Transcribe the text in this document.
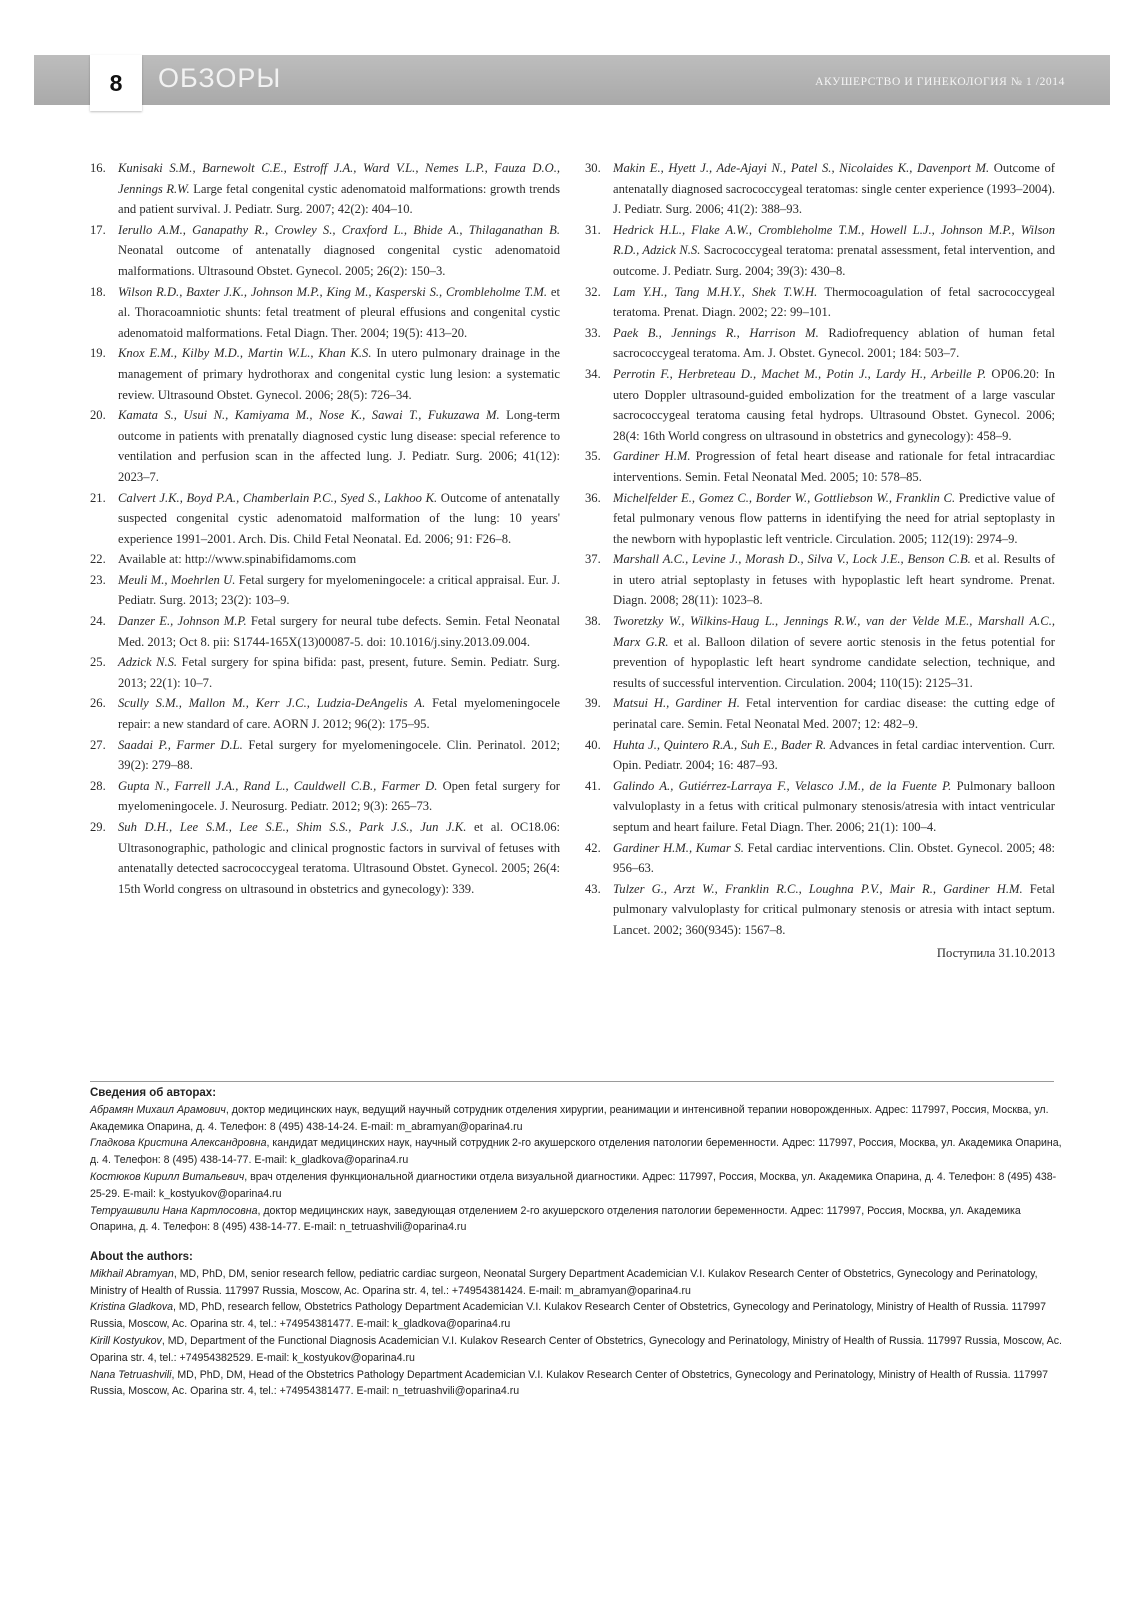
8	ОБЗОРЫ	АКУШЕРСТВО И ГИНЕКОЛОГИЯ № 1 /2014
16. Kunisaki S.M., Barnewolt C.E., Estroff J.A., Ward V.L., Nemes L.P., Fauza D.O., Jennings R.W. Large fetal congenital cystic adenomatoid malformations: growth trends and patient survival. J. Pediatr. Surg. 2007; 42(2): 404–10.
17. Ierullo A.M., Ganapathy R., Crowley S., Craxford L., Bhide A., Thilaganathan B. Neonatal outcome of antenatally diagnosed congenital cystic adenomatoid malformations. Ultrasound Obstet. Gynecol. 2005; 26(2): 150–3.
18. Wilson R.D., Baxter J.K., Johnson M.P., King M., Kasperski S., Crombleholme T.M. et al. Thoracoamniotic shunts: fetal treatment of pleural effusions and congenital cystic adenomatoid malformations. Fetal Diagn. Ther. 2004; 19(5): 413–20.
19. Knox E.M., Kilby M.D., Martin W.L., Khan K.S. In utero pulmonary drainage in the management of primary hydrothorax and congenital cystic lung lesion: a systematic review. Ultrasound Obstet. Gynecol. 2006; 28(5): 726–34.
20. Kamata S., Usui N., Kamiyama M., Nose K., Sawai T., Fukuzawa M. Long-term outcome in patients with prenatally diagnosed cystic lung disease: special reference to ventilation and perfusion scan in the affected lung. J. Pediatr. Surg. 2006; 41(12): 2023–7.
21. Calvert J.K., Boyd P.A., Chamberlain P.C., Syed S., Lakhoo K. Outcome of antenatally suspected congenital cystic adenomatoid malformation of the lung: 10 years' experience 1991–2001. Arch. Dis. Child Fetal Neonatal. Ed. 2006; 91: F26–8.
22. Available at: http://www.spinabifidamoms.com
23. Meuli M., Moehrlen U. Fetal surgery for myelomeningocele: a critical appraisal. Eur. J. Pediatr. Surg. 2013; 23(2): 103–9.
24. Danzer E., Johnson M.P. Fetal surgery for neural tube defects. Semin. Fetal Neonatal Med. 2013; Oct 8. pii: S1744-165X(13)00087-5. doi: 10.1016/j.siny.2013.09.004.
25. Adzick N.S. Fetal surgery for spina bifida: past, present, future. Semin. Pediatr. Surg. 2013; 22(1): 10–7.
26. Scully S.M., Mallon M., Kerr J.C., Ludzia-DeAngelis A. Fetal myelomeningocele repair: a new standard of care. AORN J. 2012; 96(2): 175–95.
27. Saadai P., Farmer D.L. Fetal surgery for myelomeningocele. Clin. Perinatol. 2012; 39(2): 279–88.
28. Gupta N., Farrell J.A., Rand L., Cauldwell C.B., Farmer D. Open fetal surgery for myelomeningocele. J. Neurosurg. Pediatr. 2012; 9(3): 265–73.
29. Suh D.H., Lee S.M., Lee S.E., Shim S.S., Park J.S., Jun J.K. et al. OC18.06: Ultrasonographic, pathologic and clinical prognostic factors in survival of fetuses with antenatally detected sacrococcygeal teratoma. Ultrasound Obstet. Gynecol. 2005; 26(4: 15th World congress on ultrasound in obstetrics and gynecology): 339.
30. Makin E., Hyett J., Ade-Ajayi N., Patel S., Nicolaides K., Davenport M. Outcome of antenatally diagnosed sacrococcygeal teratomas: single center experience (1993–2004). J. Pediatr. Surg. 2006; 41(2): 388–93.
31. Hedrick H.L., Flake A.W., Crombleholme T.M., Howell L.J., Johnson M.P., Wilson R.D., Adzick N.S. Sacrococcygeal teratoma: prenatal assessment, fetal intervention, and outcome. J. Pediatr. Surg. 2004; 39(3): 430–8.
32. Lam Y.H., Tang M.H.Y., Shek T.W.H. Thermocoagulation of fetal sacrococcygeal teratoma. Prenat. Diagn. 2002; 22: 99–101.
33. Paek B., Jennings R., Harrison M. Radiofrequency ablation of human fetal sacrococcygeal teratoma. Am. J. Obstet. Gynecol. 2001; 184: 503–7.
34. Perrotin F., Herbreteau D., Machet M., Potin J., Lardy H., Arbeille P. OP06.20: In utero Doppler ultrasound-guided embolization for the treatment of a large vascular sacrococcygeal teratoma causing fetal hydrops. Ultrasound Obstet. Gynecol. 2006; 28(4: 16th World congress on ultrasound in obstetrics and gynecology): 458–9.
35. Gardiner H.M. Progression of fetal heart disease and rationale for fetal intracardiac interventions. Semin. Fetal Neonatal Med. 2005; 10: 578–85.
36. Michelfelder E., Gomez C., Border W., Gottliebson W., Franklin C. Predictive value of fetal pulmonary venous flow patterns in identifying the need for atrial septoplasty in the newborn with hypoplastic left ventricle. Circulation. 2005; 112(19): 2974–9.
37. Marshall A.C., Levine J., Morash D., Silva V., Lock J.E., Benson C.B. et al. Results of in utero atrial septoplasty in fetuses with hypoplastic left heart syndrome. Prenat. Diagn. 2008; 28(11): 1023–8.
38. Tworetzky W., Wilkins-Haug L., Jennings R.W., van der Velde M.E., Marshall A.C., Marx G.R. et al. Balloon dilation of severe aortic stenosis in the fetus potential for prevention of hypoplastic left heart syndrome candidate selection, technique, and results of successful intervention. Circulation. 2004; 110(15): 2125–31.
39. Matsui H., Gardiner H. Fetal intervention for cardiac disease: the cutting edge of perinatal care. Semin. Fetal Neonatal Med. 2007; 12: 482–9.
40. Huhta J., Quintero R.A., Suh E., Bader R. Advances in fetal cardiac intervention. Curr. Opin. Pediatr. 2004; 16: 487–93.
41. Galindo A., Gutiérrez-Larraya F., Velasco J.M., de la Fuente P. Pulmonary balloon valvuloplasty in a fetus with critical pulmonary stenosis/atresia with intact ventricular septum and heart failure. Fetal Diagn. Ther. 2006; 21(1): 100–4.
42. Gardiner H.M., Kumar S. Fetal cardiac interventions. Clin. Obstet. Gynecol. 2005; 48: 956–63.
43. Tulzer G., Arzt W., Franklin R.C., Loughna P.V., Mair R., Gardiner H.M. Fetal pulmonary valvuloplasty for critical pulmonary stenosis or atresia with intact septum. Lancet. 2002; 360(9345): 1567–8.
Поступила 31.10.2013
Сведения об авторах:

Абрамян Михаил Арамович, доктор медицинских наук, ведущий научный сотрудник отделения хирургии, реанимации и интенсивной терапии новорожденных. Адрес: 117997, Россия, Москва, ул. Академика Опарина, д. 4. Телефон: 8 (495) 438-14-24. E-mail: m_abramyan@oparina4.ru

Гладкова Кристина Александровна, кандидат медицинских наук, научный сотрудник 2-го акушерского отделения патологии беременности. Адрес: 117997, Россия, Москва, ул. Академика Опарина, д. 4. Телефон: 8 (495) 438-14-77. E-mail: k_gladkova@oparina4.ru

Костюков Кирилл Витальевич, врач отделения функциональной диагностики отдела визуальной диагностики. Адрес: 117997, Россия, Москва, ул. Академика Опарина, д. 4. Телефон: 8 (495) 438-25-29. E-mail: k_kostyukov@oparina4.ru

Тетруашвили Нана Картлосовна, доктор медицинских наук, заведующая отделением 2-го акушерского отделения патологии беременности. Адрес: 117997, Россия, Москва, ул. Академика Опарина, д. 4. Телефон: 8 (495) 438-14-77. E-mail: n_tetruashvili@oparina4.ru

About the authors:

Mikhail Abramyan, MD, PhD, DM, senior research fellow, pediatric cardiac surgeon, Neonatal Surgery Department Academician V.I. Kulakov Research Center of Obstetrics, Gynecology and Perinatology, Ministry of Health of Russia. 117997 Russia, Moscow, Ac. Oparina str. 4, tel.: +74954381424. E-mail: m_abramyan@oparina4.ru

Kristina Gladkova, MD, PhD, research fellow, Obstetrics Pathology Department Academician V.I. Kulakov Research Center of Obstetrics, Gynecology and Perinatology, Ministry of Health of Russia. 117997 Russia, Moscow, Ac. Oparina str. 4, tel.: +74954381477. E-mail: k_gladkova@oparina4.ru

Kirill Kostyukov, MD, Department of the Functional Diagnosis Academician V.I. Kulakov Research Center of Obstetrics, Gynecology and Perinatology, Ministry of Health of Russia. 117997 Russia, Moscow, Ac. Oparina str. 4, tel.: +74954382529. E-mail: k_kostyukov@oparina4.ru

Nana Tetruashvili, MD, PhD, DM, Head of the Obstetrics Pathology Department Academician V.I. Kulakov Research Center of Obstetrics, Gynecology and Perinatology, Ministry of Health of Russia. 117997 Russia, Moscow, Ac. Oparina str. 4, tel.: +74954381477. E-mail: n_tetruashvili@oparina4.ru
